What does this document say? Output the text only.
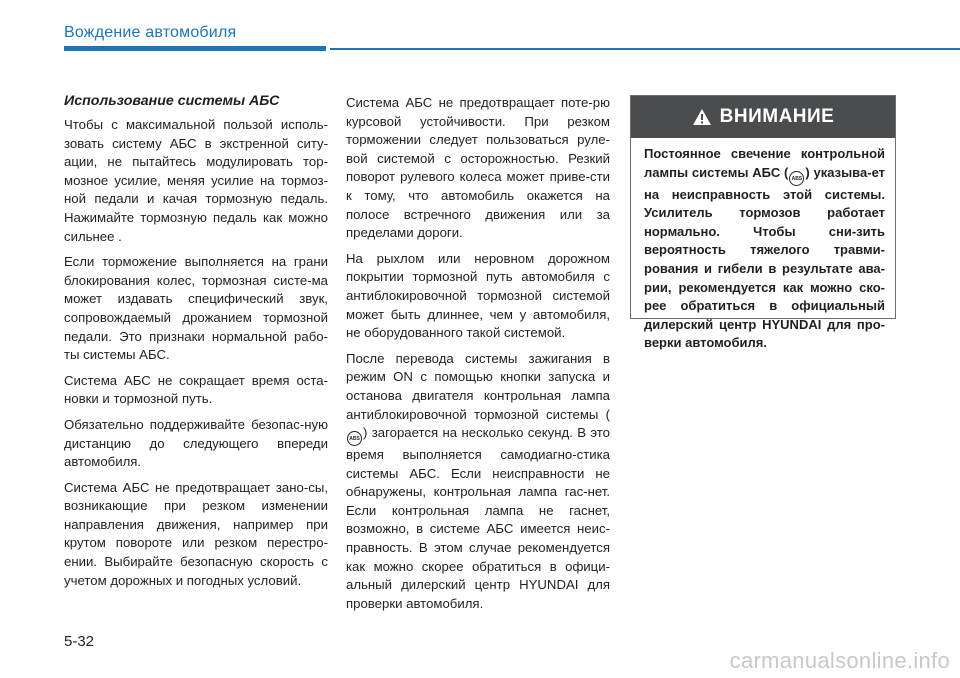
Вождение автомобиля
Использование системы АБС

Чтобы с максимальной пользой исполь-зовать систему АБС в экстренной ситу-ации, не пытайтесь модулировать тор-мозное усилие, меняя усилие на тормоз-ной педали и качая тормозную педаль. Нажимайте тормозную педаль как можно сильнее .

Если торможение выполняется на грани блокирования колес, тормозная систе-ма может издавать специфический звук, сопровождаемый дрожанием тормозной педали. Это признаки нормальной рабо-ты системы АБС.

Система АБС не сокращает время оста-новки и тормозной путь.

Обязательно поддерживайте безопас-ную дистанцию до следующего впереди автомобиля.

Система АБС не предотвращает зано-сы, возникающие при резком изменении направления движения, например при крутом повороте или резком перестро-ении. Выбирайте безопасную скорость с учетом дорожных и погодных условий.

Система АБС не предотвращает поте-рю курсовой устойчивости. При резком торможении следует пользоваться руле-вой системой с осторожностью. Резкий поворот рулевого колеса может приве-сти к тому, что автомобиль окажется на полосе встречного движения или за пределами дороги.

На рыхлом или неровном дорожном покрытии тормозной путь автомобиля с антиблокировочной тормозной системой может быть длиннее, чем у автомобиля, не оборудованного такой системой.

После перевода системы зажигания в режим ON с помощью кнопки запуска и останова двигателя контрольная лампа антиблокировочной тормозной системы (ABS ) загорается на несколько секунд. В это время выполняется самодиагно-стика системы АБС. Если неисправности не обнаружены, контрольная лампа гас-нет. Если контрольная лампа не гаснет, возможно, в системе АБС имеется неис-правность. В этом случае рекомендуется как можно скорее обратиться в офици-альный дилерский центр HYUNDAI для проверки автомобиля.

ВНИМАНИЕ
Постоянное свечение контрольной лампы системы АБС ( ABS ) указыва-ет на неисправность этой системы. Усилитель тормозов работает нормально. Чтобы сни-зить вероятность тяжелого травми-рования и гибели в результате ава-рии, рекомендуется как можно ско-рее обратиться в официальный дилерский центр HYUNDAI для про-верки автомобиля.
5-32
carmanualsonline.info
